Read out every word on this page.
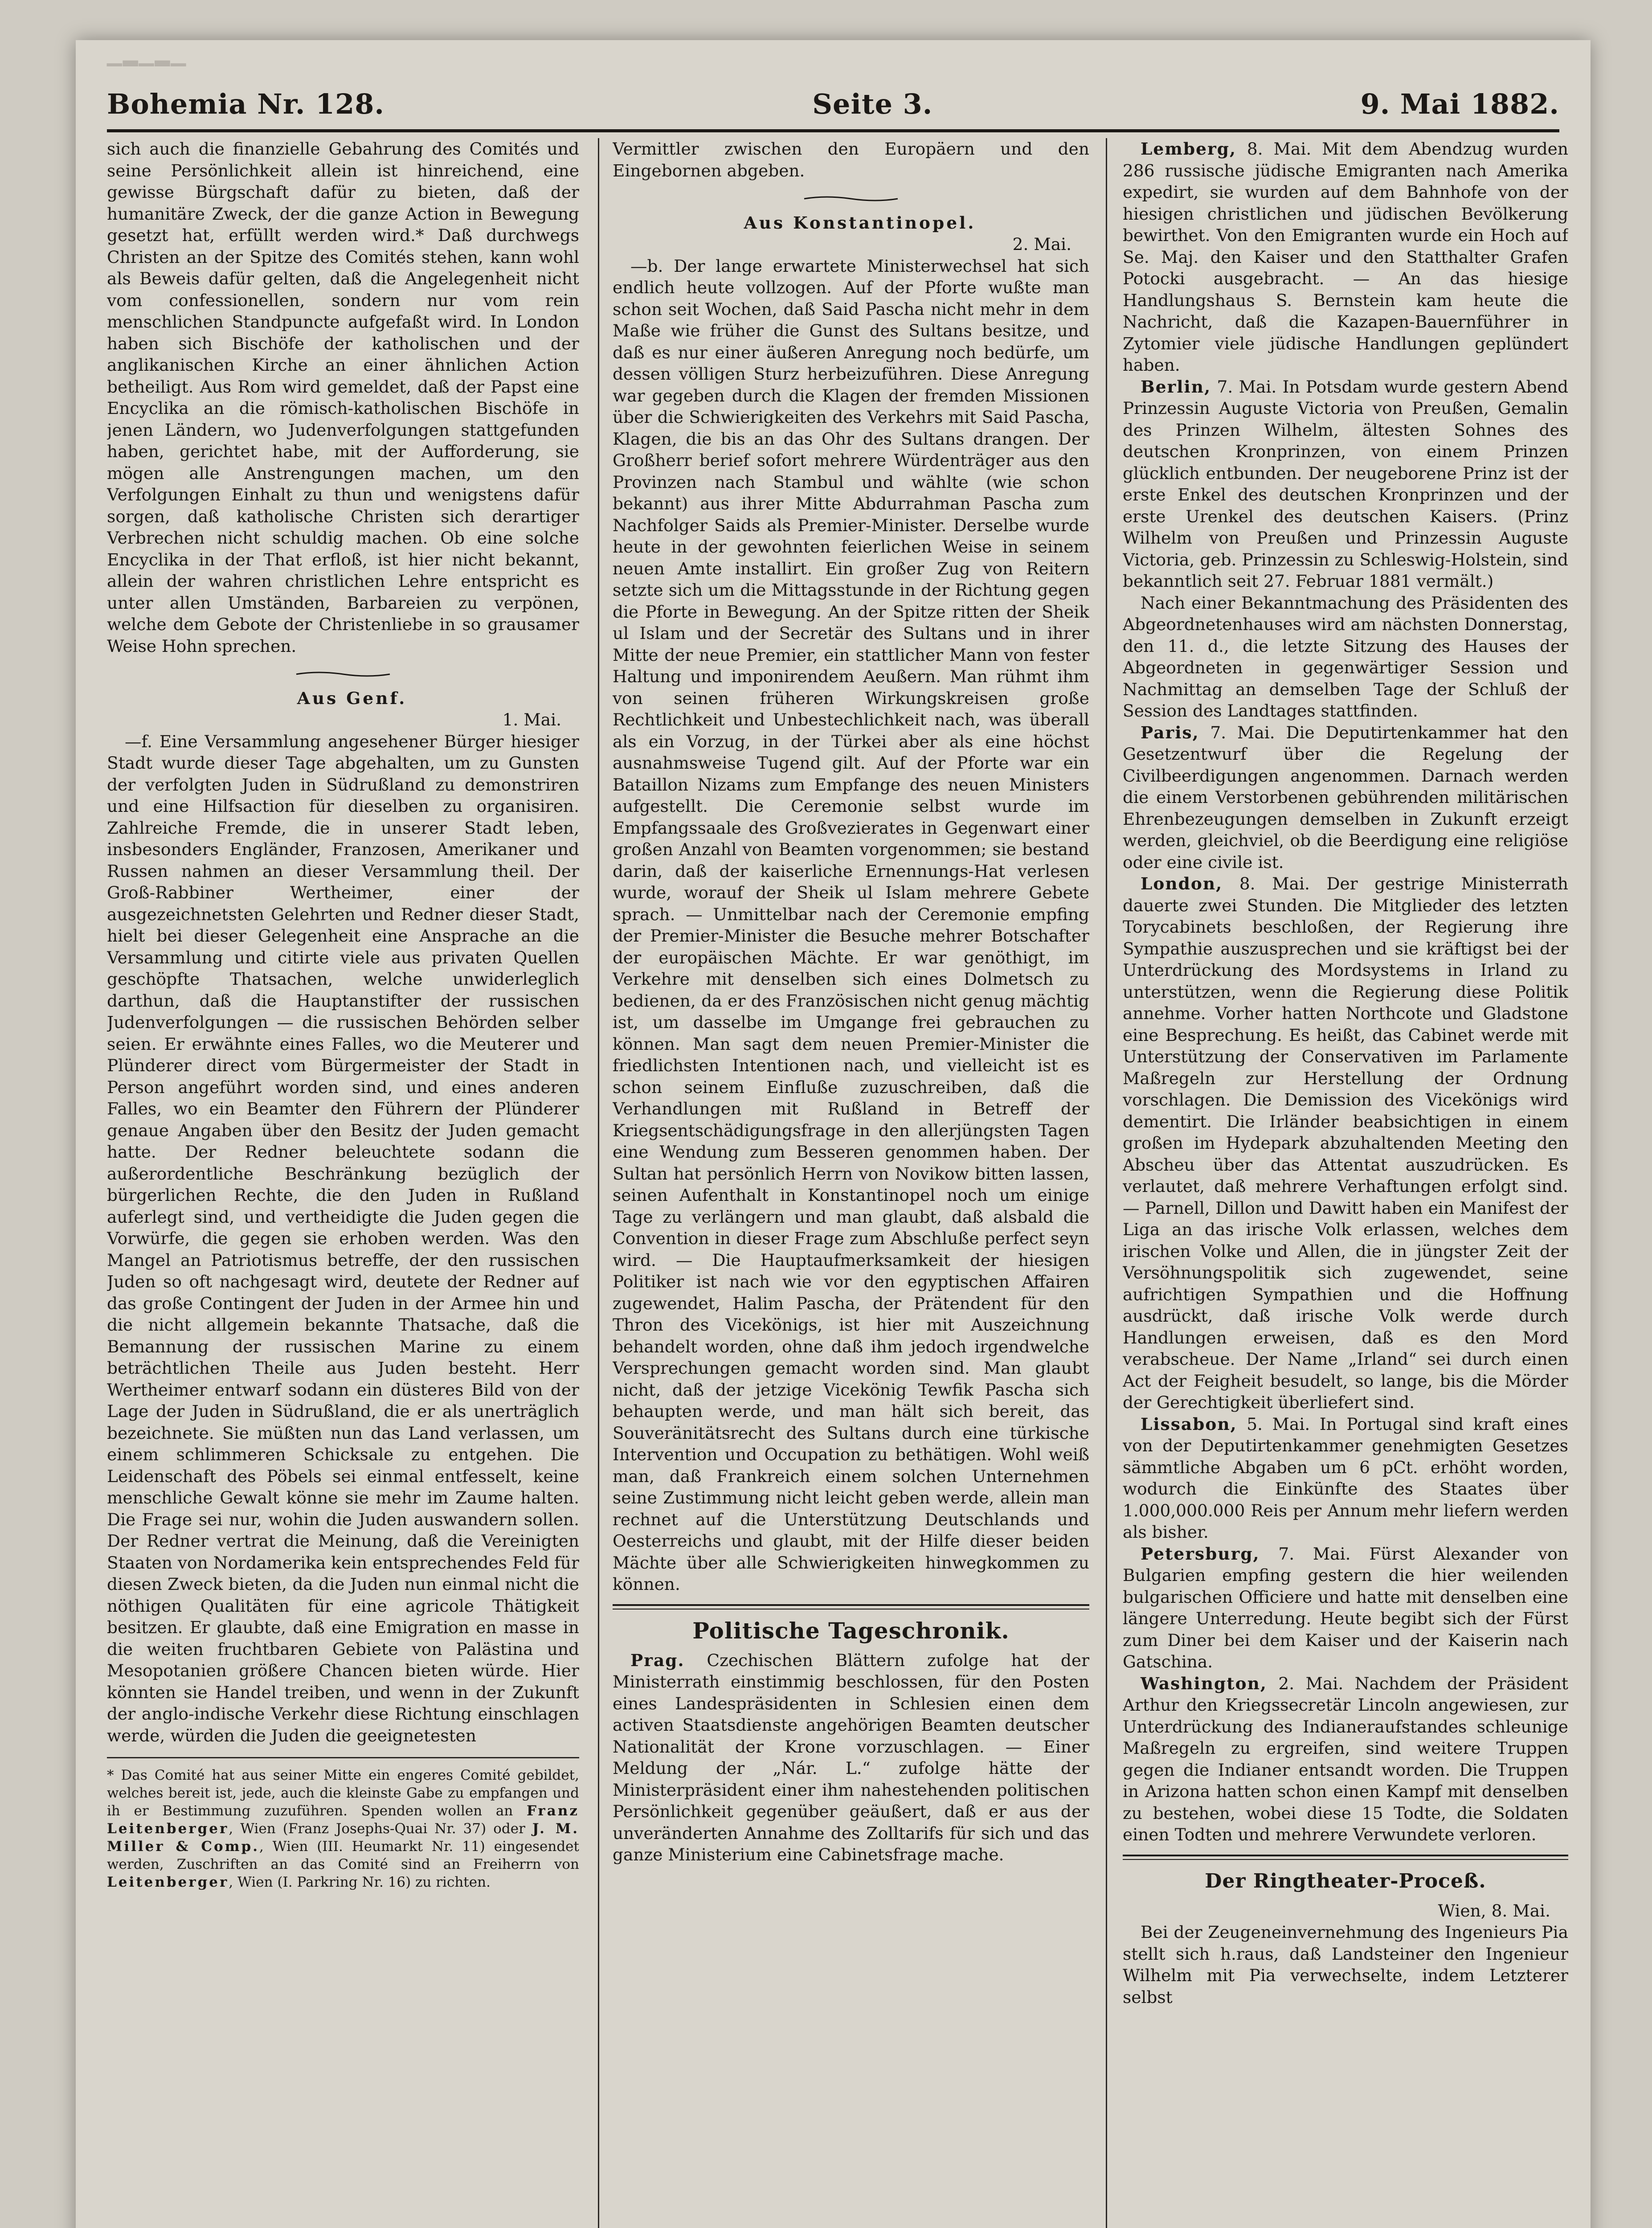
▁▂▁▂▁
Bohemia Nr. 128.	Seite 3.	9. Mai 1882.

sich auch die finanzielle Gebahrung des Comités und seine Persönlichkeit allein ist hinreichend, eine gewisse Bürgschaft dafür zu bieten, daß der humanitäre Zweck, der die ganze Action in Bewegung gesetzt hat, erfüllt werden wird.* Daß durchwegs Christen an der Spitze des Comités stehen, kann wohl als Beweis dafür gelten, daß die Angelegenheit nicht vom confessionellen, sondern nur vom rein menschlichen Standpuncte aufgefaßt wird. In London haben sich Bischöfe der katholischen und der anglikanischen Kirche an einer ähnlichen Action betheiligt. Aus Rom wird gemeldet, daß der Papst eine Encyclika an die römisch-katholischen Bischöfe in jenen Ländern, wo Judenverfolgungen stattgefunden haben, gerichtet habe, mit der Aufforderung, sie mögen alle Anstrengungen machen, um den Verfolgungen Einhalt zu thun und wenigstens dafür sorgen, daß katholische Christen sich derartiger Verbrechen nicht schuldig machen. Ob eine solche Encyclika in der That erfloß, ist hier nicht bekannt, allein der wahren christlichen Lehre entspricht es unter allen Umständen, Barbareien zu verpönen, welche dem Gebote der Christenliebe in so grausamer Weise Hohn sprechen.

Aus Genf.

1. Mai.

—f. Eine Versammlung angesehener Bürger hiesiger Stadt wurde dieser Tage abgehalten, um zu Gunsten der verfolgten Juden in Südrußland zu demonstriren und eine Hilfsaction für dieselben zu organisiren. Zahlreiche Fremde, die in unserer Stadt leben, insbesonders Engländer, Franzosen, Amerikaner und Russen nahmen an dieser Versammlung theil. Der Groß-Rabbiner Wertheimer, einer der ausgezeichnetsten Gelehrten und Redner dieser Stadt, hielt bei dieser Gelegenheit eine Ansprache an die Versammlung und citirte viele aus privaten Quellen geschöpfte Thatsachen, welche unwiderleglich darthun, daß die Hauptanstifter der russischen Judenverfolgungen — die russischen Behörden selber seien. Er erwähnte eines Falles, wo die Meuterer und Plünderer direct vom Bürgermeister der Stadt in Person angeführt worden sind, und eines anderen Falles, wo ein Beamter den Führern der Plünderer genaue Angaben über den Besitz der Juden gemacht hatte. Der Redner beleuchtete sodann die außerordentliche Beschränkung bezüglich der bürgerlichen Rechte, die den Juden in Rußland auferlegt sind, und vertheidigte die Juden gegen die Vorwürfe, die gegen sie erhoben werden. Was den Mangel an Patriotismus betreffe, der den russischen Juden so oft nachgesagt wird, deutete der Redner auf das große Contingent der Juden in der Armee hin und die nicht allgemein bekannte Thatsache, daß die Bemannung der russischen Marine zu einem beträchtlichen Theile aus Juden besteht. Herr Wertheimer entwarf sodann ein düsteres Bild von der Lage der Juden in Südrußland, die er als unerträglich bezeichnete. Sie müßten nun das Land verlassen, um einem schlimmeren Schicksale zu entgehen. Die Leidenschaft des Pöbels sei einmal entfesselt, keine menschliche Gewalt könne sie mehr im Zaume halten. Die Frage sei nur, wohin die Juden auswandern sollen. Der Redner vertrat die Meinung, daß die Vereinigten Staaten von Nordamerika kein entsprechendes Feld für diesen Zweck bieten, da die Juden nun einmal nicht die nöthigen Qualitäten für eine agricole Thätigkeit besitzen. Er glaubte, daß eine Emigration en masse in die weiten fruchtbaren Gebiete von Palästina und Mesopotanien größere Chancen bieten würde. Hier könnten sie Handel treiben, und wenn in der Zukunft der anglo-indische Verkehr diese Richtung einschlagen werde, würden die Juden die geeignetesten

* Das Comité hat aus seiner Mitte ein engeres Comité gebildet, welches bereit ist, jede, auch die kleinste Gabe zu empfangen und ih er Bestimmung zuzuführen. Spenden wollen an Franz Leitenberger, Wien (Franz Josephs-Quai Nr. 37) oder J. M. Miller & Comp., Wien (III. Heumarkt Nr. 11) eingesendet werden, Zuschriften an das Comité sind an Freiherrn von Leitenberger, Wien (I. Parkring Nr. 16) zu richten.

Vermittler zwischen den Europäern und den Eingebornen abgeben.

Aus Konstantinopel.

2. Mai.

—b. Der lange erwartete Ministerwechsel hat sich endlich heute vollzogen. Auf der Pforte wußte man schon seit Wochen, daß Said Pascha nicht mehr in dem Maße wie früher die Gunst des Sultans besitze, und daß es nur einer äußeren Anregung noch bedürfe, um dessen völligen Sturz herbeizuführen. Diese Anregung war gegeben durch die Klagen der fremden Missionen über die Schwierigkeiten des Verkehrs mit Said Pascha, Klagen, die bis an das Ohr des Sultans drangen. Der Großherr berief sofort mehrere Würdenträger aus den Provinzen nach Stambul und wählte (wie schon bekannt) aus ihrer Mitte Abdurrahman Pascha zum Nachfolger Saids als Premier-Minister. Derselbe wurde heute in der gewohnten feierlichen Weise in seinem neuen Amte installirt. Ein großer Zug von Reitern setzte sich um die Mittagsstunde in der Richtung gegen die Pforte in Bewegung. An der Spitze ritten der Sheik ul Islam und der Secretär des Sultans und in ihrer Mitte der neue Premier, ein stattlicher Mann von fester Haltung und imponirendem Aeußern. Man rühmt ihm von seinen früheren Wirkungskreisen große Rechtlichkeit und Unbestechlichkeit nach, was überall als ein Vorzug, in der Türkei aber als eine höchst ausnahmsweise Tugend gilt. Auf der Pforte war ein Bataillon Nizams zum Empfange des neuen Ministers aufgestellt. Die Ceremonie selbst wurde im Empfangssaale des Großvezierates in Gegenwart einer großen Anzahl von Beamten vorgenommen; sie bestand darin, daß der kaiserliche Ernennungs-Hat verlesen wurde, worauf der Sheik ul Islam mehrere Gebete sprach. — Unmittelbar nach der Ceremonie empfing der Premier-Minister die Besuche mehrer Botschafter der europäischen Mächte. Er war genöthigt, im Verkehre mit denselben sich eines Dolmetsch zu bedienen, da er des Französischen nicht genug mächtig ist, um dasselbe im Umgange frei gebrauchen zu können. Man sagt dem neuen Premier-Minister die friedlichsten Intentionen nach, und vielleicht ist es schon seinem Einfluße zuzuschreiben, daß die Verhandlungen mit Rußland in Betreff der Kriegsentschädigungsfrage in den allerjüngsten Tagen eine Wendung zum Besseren genommen haben. Der Sultan hat persönlich Herrn von Novikow bitten lassen, seinen Aufenthalt in Konstantinopel noch um einige Tage zu verlängern und man glaubt, daß alsbald die Convention in dieser Frage zum Abschluße perfect seyn wird. — Die Hauptaufmerksamkeit der hiesigen Politiker ist nach wie vor den egyptischen Affairen zugewendet, Halim Pascha, der Prätendent für den Thron des Vicekönigs, ist hier mit Auszeichnung behandelt worden, ohne daß ihm jedoch irgendwelche Versprechungen gemacht worden sind. Man glaubt nicht, daß der jetzige Vicekönig Tewfik Pascha sich behaupten werde, und man hält sich bereit, das Souveränitätsrecht des Sultans durch eine türkische Intervention und Occupation zu bethätigen. Wohl weiß man, daß Frankreich einem solchen Unternehmen seine Zustimmung nicht leicht geben werde, allein man rechnet auf die Unterstützung Deutschlands und Oesterreichs und glaubt, mit der Hilfe dieser beiden Mächte über alle Schwierigkeiten hinwegkommen zu können.

Politische Tageschronik.

Prag. Czechischen Blättern zufolge hat der Ministerrath einstimmig beschlossen, für den Posten eines Landespräsidenten in Schlesien einen dem activen Staatsdienste angehörigen Beamten deutscher Nationalität der Krone vorzuschlagen. — Einer Meldung der „Nár. L.“ zufolge hätte der Ministerpräsident einer ihm nahestehenden politischen Persönlichkeit gegenüber geäußert, daß er aus der unveränderten Annahme des Zolltarifs für sich und das ganze Ministerium eine Cabinetsfrage mache.

Lemberg, 8. Mai. Mit dem Abendzug wurden 286 russische jüdische Emigranten nach Amerika expedirt, sie wurden auf dem Bahnhofe von der hiesigen christlichen und jüdischen Bevölkerung bewirthet. Von den Emigranten wurde ein Hoch auf Se. Maj. den Kaiser und den Statthalter Grafen Potocki ausgebracht. — An das hiesige Handlungshaus S. Bernstein kam heute die Nachricht, daß die Kazapen-Bauernführer in Zytomier viele jüdische Handlungen geplündert haben.

Berlin, 7. Mai. In Potsdam wurde gestern Abend Prinzessin Auguste Victoria von Preußen, Gemalin des Prinzen Wilhelm, ältesten Sohnes des deutschen Kronprinzen, von einem Prinzen glücklich entbunden. Der neugeborene Prinz ist der erste Enkel des deutschen Kronprinzen und der erste Urenkel des deutschen Kaisers. (Prinz Wilhelm von Preußen und Prinzessin Auguste Victoria, geb. Prinzessin zu Schleswig-Holstein, sind bekanntlich seit 27. Februar 1881 vermält.)

Nach einer Bekanntmachung des Präsidenten des Abgeordnetenhauses wird am nächsten Donnerstag, den 11. d., die letzte Sitzung des Hauses der Abgeordneten in gegenwärtiger Session und Nachmittag an demselben Tage der Schluß der Session des Landtages stattfinden.

Paris, 7. Mai. Die Deputirtenkammer hat den Gesetzentwurf über die Regelung der Civilbeerdigungen angenommen. Darnach werden die einem Verstorbenen gebührenden militärischen Ehrenbezeugungen demselben in Zukunft erzeigt werden, gleichviel, ob die Beerdigung eine religiöse oder eine civile ist.

London, 8. Mai. Der gestrige Ministerrath dauerte zwei Stunden. Die Mitglieder des letzten Torycabinets beschloßen, der Regierung ihre Sympathie auszusprechen und sie kräftigst bei der Unterdrückung des Mordsystems in Irland zu unterstützen, wenn die Regierung diese Politik annehme. Vorher hatten Northcote und Gladstone eine Besprechung. Es heißt, das Cabinet werde mit Unterstützung der Conservativen im Parlamente Maßregeln zur Herstellung der Ordnung vorschlagen. Die Demission des Vicekönigs wird dementirt. Die Irländer beabsichtigen in einem großen im Hydepark abzuhaltenden Meeting den Abscheu über das Attentat auszudrücken. Es verlautet, daß mehrere Verhaftungen erfolgt sind. — Parnell, Dillon und Dawitt haben ein Manifest der Liga an das irische Volk erlassen, welches dem irischen Volke und Allen, die in jüngster Zeit der Versöhnungspolitik sich zugewendet, seine aufrichtigen Sympathien und die Hoffnung ausdrückt, daß irische Volk werde durch Handlungen erweisen, daß es den Mord verabscheue. Der Name „Irland“ sei durch einen Act der Feigheit besudelt, so lange, bis die Mörder der Gerechtigkeit überliefert sind.

Lissabon, 5. Mai. In Portugal sind kraft eines von der Deputirtenkammer genehmigten Gesetzes sämmtliche Abgaben um 6 pCt. erhöht worden, wodurch die Einkünfte des Staates über 1.000,000.000 Reis per Annum mehr liefern werden als bisher.

Petersburg, 7. Mai. Fürst Alexander von Bulgarien empfing gestern die hier weilenden bulgarischen Officiere und hatte mit denselben eine längere Unterredung. Heute begibt sich der Fürst zum Diner bei dem Kaiser und der Kaiserin nach Gatschina.

Washington, 2. Mai. Nachdem der Präsident Arthur den Kriegssecretär Lincoln angewiesen, zur Unterdrückung des Indianeraufstandes schleunige Maßregeln zu ergreifen, sind weitere Truppen gegen die Indianer entsandt worden. Die Truppen in Arizona hatten schon einen Kampf mit denselben zu bestehen, wobei diese 15 Todte, die Soldaten einen Todten und mehrere Verwundete verloren.

Der Ringtheater-Proceß.

Wien, 8. Mai.

Bei der Zeugeneinvernehmung des Ingenieurs Pia stellt sich h.raus, daß Landsteiner den Ingenieur Wilhelm mit Pia verwechselte, indem Letzterer selbst
